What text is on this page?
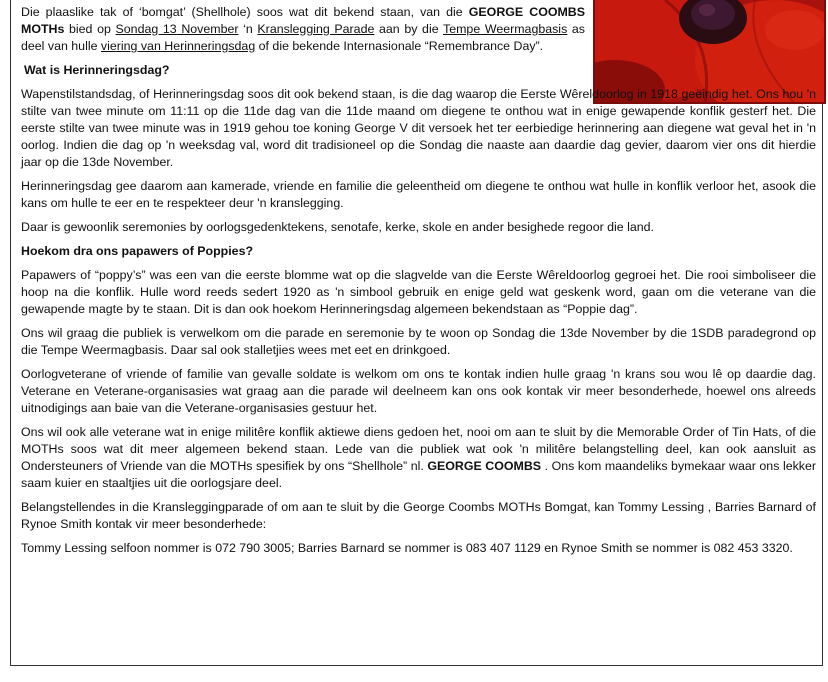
Die plaaslike tak of ‘bomgat’ (Shellhole) soos wat dit bekend staan, van die GEORGE COOMBS MOTHs bied op Sondag 13 November ‘n Kranslegging Parade aan by die Tempe Weermagbasis as deel van hulle viering van Herinneringsdag of die bekende Internasionale “Remembrance Day”.

Wat is Herinneringsdag?

Wapenstilstandsdag, of Herinneringsdag soos dit ook bekend staan, is die dag waarop die Eerste Wêreldoorlog in 1918 geëindig het. Ons hou 'n stilte van twee minute om 11:11 op die 11de dag van die 11de maand om diegene te onthou wat in enige gewapende konflik gesterf het. Die eerste stilte van twee minute was in 1919 gehou toe koning George V dit versoek het ter eerbiedige herinnering aan diegene wat geval het in 'n oorlog. Indien die dag op 'n weeksdag val, word dit tradisioneel op die Sondag die naaste aan daardie dag gevier, daarom vier ons dit hierdie jaar op die 13de November.

Herinneringsdag gee daarom aan kamerade, vriende en familie die geleentheid om diegene te onthou wat hulle in konflik verloor het, asook die kans om hulle te eer en te respekteer deur 'n kranslegging.

Daar is gewoonlik seremonies by oorlogsgedenktekens, senotafe, kerke, skole en ander besighede regoor die land.

Hoekom dra ons papawers of Poppies?

Papawers of “poppy’s” was een van die eerste blomme wat op die slagvelde van die Eerste Wêreldoorlog gegroei het. Die rooi simboliseer die hoop na die konflik. Hulle word reeds sedert 1920 as 'n simbool gebruik en enige geld wat geskenk word, gaan om die veterane van die gewapende magte by te staan. Dit is dan ook hoekom Herinneringsdag algemeen bekendstaan as “Poppie dag”.

Ons wil graag die publiek is verwelkom om die parade en seremonie by te woon op Sondag die 13de November by die 1SDB paradegrond op die Tempe Weermagbasis. Daar sal ook stalletjies wees met eet en drinkgoed.

Oorlogveterane of vriende of familie van gevalle soldate is welkom om ons te kontak indien hulle graag 'n krans sou wou lê op daardie dag. Veterane en Veterane-organisasies wat graag aan die parade wil deelneem kan ons ook kontak vir meer besonderhede, hoewel ons alreeds uitnodigings aan baie van die Veterane-organisasies gestuur het.

Ons wil ook alle veterane wat in enige militêre konflik aktiewe diens gedoen het, nooi om aan te sluit by die Memorable Order of Tin Hats, of die MOTHs soos wat dit meer algemeen bekend staan. Lede van die publiek wat ook 'n militêre belangstelling deel, kan ook aansluit as Ondersteuners of Vriende van die MOTHs spesifiek by ons “Shellhole” nl. GEORGE COOMBS . Ons kom maandeliks bymekaar waar ons lekker saam kuier en staaltjies uit die oorlogsjare deel.

Belangstellendes in die Kransleggingparade of om aan te sluit by die George Coombs MOTHs Bomgat, kan Tommy Lessing , Barries Barnard of Rynoe Smith kontak vir meer besonderhede:

Tommy Lessing selfoon nommer is 072 790 3005; Barries Barnard se nommer is 083 407 1129 en Rynoe Smith se nommer is 082 453 3320.
